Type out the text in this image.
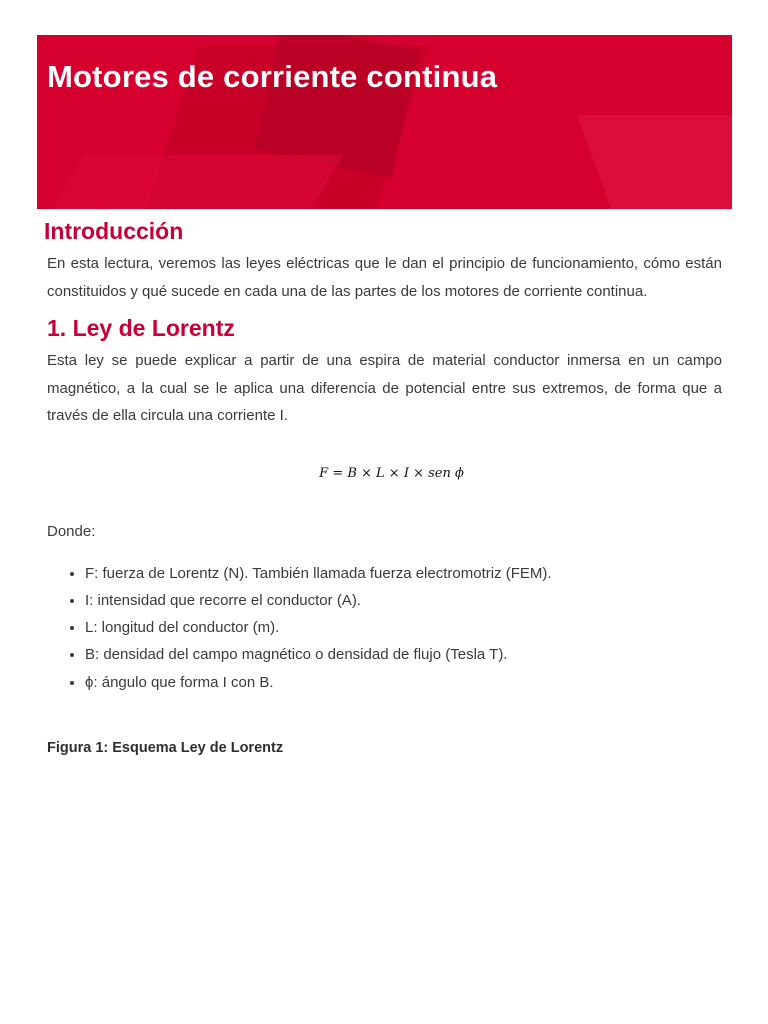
Motores de corriente continua
Introducción

En esta lectura, veremos las leyes eléctricas que le dan el principio de funcionamiento, cómo están constituidos y qué sucede en cada una de las partes de los motores de corriente continua.

1. Ley de Lorentz

Esta ley se puede explicar a partir de una espira de material conductor inmersa en un campo magnético, a la cual se le aplica una diferencia de potencial entre sus extremos, de forma que a través de ella circula una corriente I.

F = B × L × I × sen ϕ
Donde:
• F: fuerza de Lorentz (N). También llamada fuerza electromotriz (FEM).
• I: intensidad que recorre el conductor (A).
• L: longitud del conductor (m).
• B: densidad del campo magnético o densidad de flujo (Tesla T).
• ϕ: ángulo que forma I con B.
Figura 1: Esquema Ley de Lorentz
